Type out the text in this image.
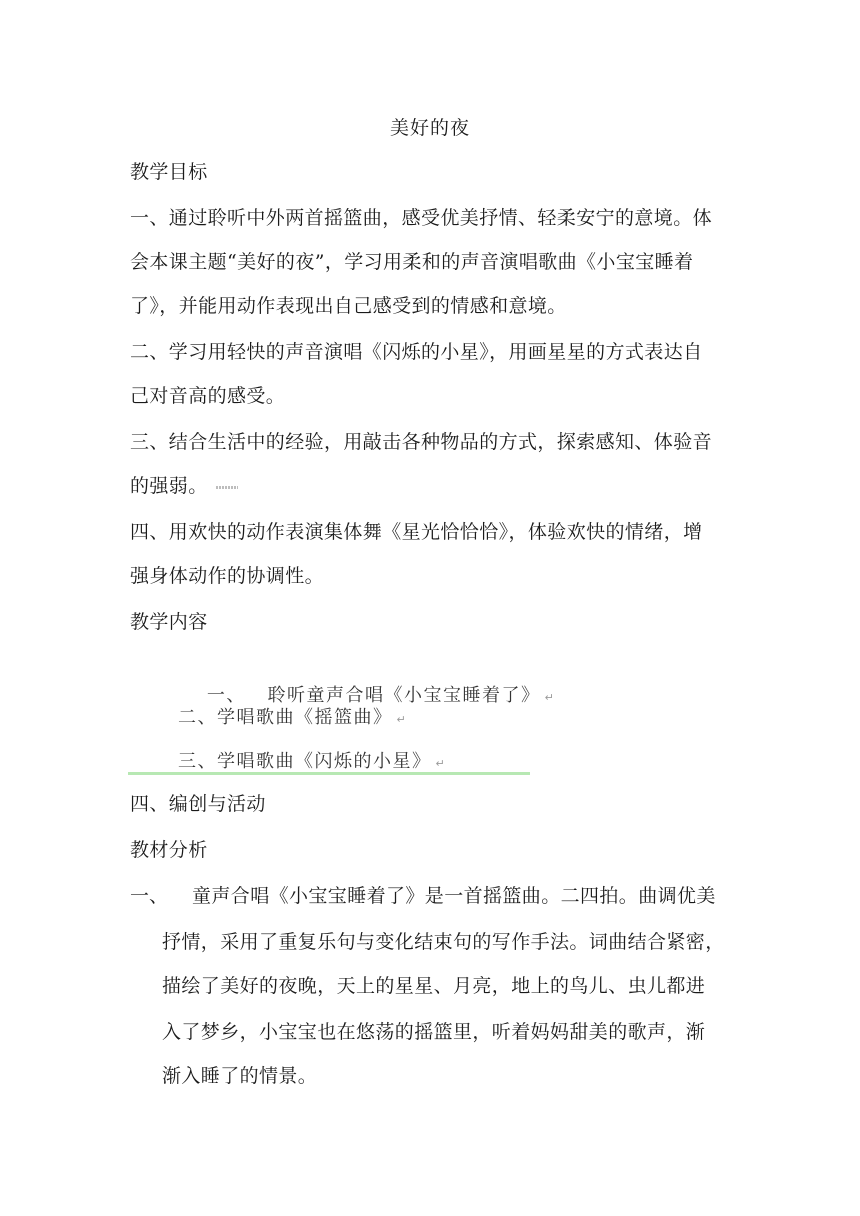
美好的夜
教学目标
一、通过聆听中外两首摇篮曲，感受优美抒情、轻柔安宁的意境。体
会本课主题“美好的夜”，学习用柔和的声音演唱歌曲《小宝宝睡着
了》，并能用动作表现出自己感受到的情感和意境。
二、学习用轻快的声音演唱《闪烁的小星》，用画星星的方式表达自
己对音高的感受。
三、结合生活中的经验，用敲击各种物品的方式，探索感知、体验音
的强弱。
四、用欢快的动作表演集体舞《星光恰恰恰》，体验欢快的情绪，增
强身体动作的协调性。
教学内容

一、   聆听童声合唱《小宝宝睡着了》 ↵

二、学唱歌曲《摇篮曲》 ↵
三、学唱歌曲《闪烁的小星》 ↵
四、编创与活动
教材分析
一、 童声合唱《小宝宝睡着了》是一首摇篮曲。二四拍。曲调优美
抒情，采用了重复乐句与变化结束句的写作手法。词曲结合紧密，
描绘了美好的夜晚，天上的星星、月亮，地上的鸟儿、虫儿都进
入了梦乡，小宝宝也在悠荡的摇篮里，听着妈妈甜美的歌声，渐
渐入睡了的情景。
